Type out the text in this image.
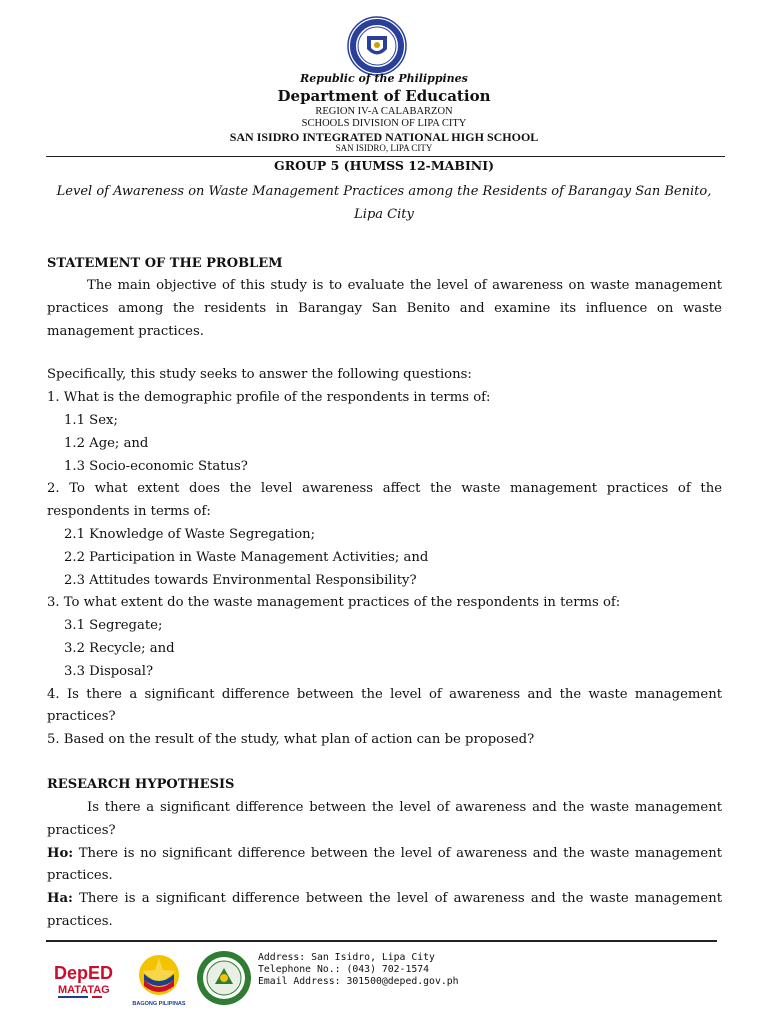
Republic of the Philippines
Department of Education
REGION IV-A CALABARZON
SCHOOLS DIVISION OF LIPA CITY
SAN ISIDRO INTEGRATED NATIONAL HIGH SCHOOL
SAN ISIDRO, LIPA CITY
GROUP 5 (HUMSS 12-MABINI)
Level of Awareness on Waste Management Practices among the Residents of Barangay San Benito, Lipa City
STATEMENT OF THE PROBLEM

The main objective of this study is to evaluate the level of awareness on waste management practices among the residents in Barangay San Benito and examine its influence on waste management practices.

Specifically, this study seeks to answer the following questions:

1. What is the demographic profile of the respondents in terms of:

1.1 Sex;

1.2 Age; and

1.3 Socio-economic Status?

2. To what extent does the level awareness affect the waste management practices of the respondents in terms of:

2.1 Knowledge of Waste Segregation;

2.2 Participation in Waste Management Activities; and

2.3 Attitudes towards Environmental Responsibility?

3. To what extent do the waste management practices of the respondents in terms of:

3.1 Segregate;

3.2 Recycle; and

3.3 Disposal?

4. Is there a significant difference between the level of awareness and the waste management practices?

5. Based on the result of the study, what plan of action can be proposed?

RESEARCH HYPOTHESIS

Is there a significant difference between the level of awareness and the waste management practices?

Ho: There is no significant difference between the level of awareness and the waste management practices.

Ha: There is a significant difference between the level of awareness and the waste management practices.

DepED
MATATAG
BAGONG PILIPINAS
Address: San Isidro, Lipa City
Telephone No.: (043) 702-1574
Email Address: 301500@deped.gov.ph
